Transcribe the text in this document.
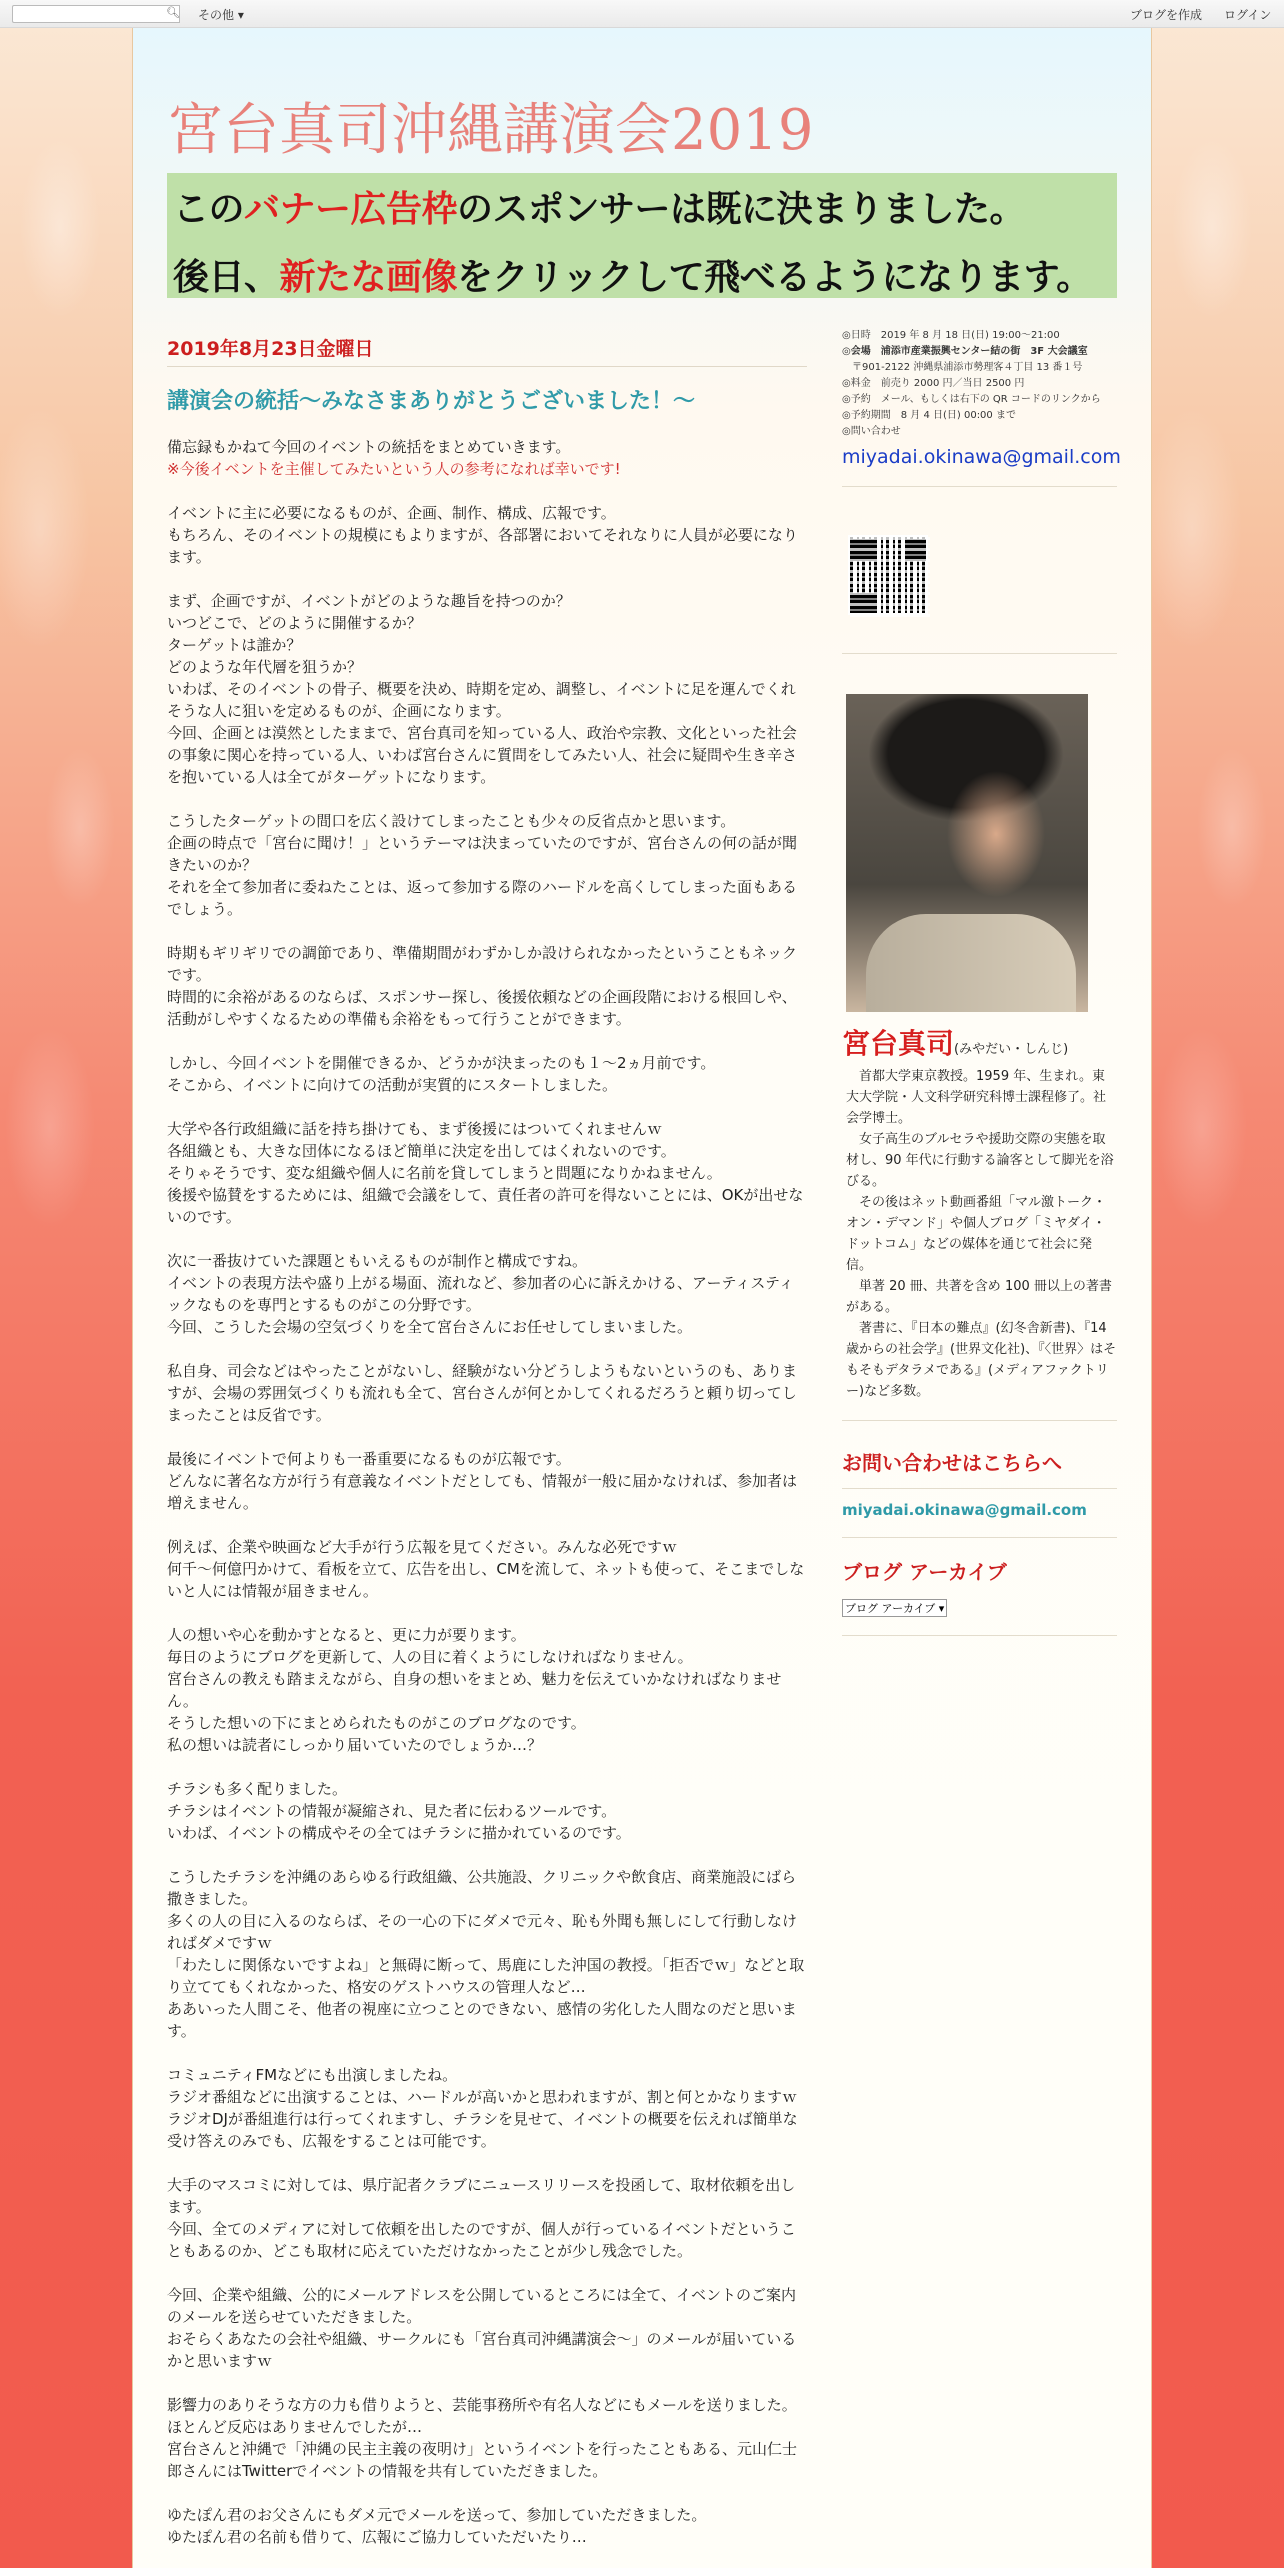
🔍︎ その他 ▾	ブログを作成 ログイン
宮台真司沖縄講演会2019
このバナー広告枠のスポンサーは既に決まりました。
後日、新たな画像をクリックして飛べるようになります。
2019年8月23日金曜日
講演会の統括～みなさまありがとうございました！～

備忘録もかねて今回のイベントの統括をまとめていきます。

※今後イベントを主催してみたいという人の参考になれば幸いです!

イベントに主に必要になるものが、企画、制作、構成、広報です。

もちろん、そのイベントの規模にもよりますが、各部署においてそれなりに人員が必要になります。

まず、企画ですが、イベントがどのような趣旨を持つのか？

いつどこで、どのように開催するか？

ターゲットは誰か？

どのような年代層を狙うか？

いわば、そのイベントの骨子、概要を決め、時期を定め、調整し、イベントに足を運んでくれそうな人に狙いを定めるものが、企画になります。

今回、企画とは漠然としたままで、宮台真司を知っている人、政治や宗教、文化といった社会の事象に関心を持っている人、いわば宮台さんに質問をしてみたい人、社会に疑問や生き辛さを抱いている人は全てがターゲットになります。

こうしたターゲットの間口を広く設けてしまったことも少々の反省点かと思います。

企画の時点で「宮台に聞け！」というテーマは決まっていたのですが、宮台さんの何の話が聞きたいのか？

それを全て参加者に委ねたことは、返って参加する際のハードルを高くしてしまった面もあるでしょう。

時期もギリギリでの調節であり、準備期間がわずかしか設けられなかったということもネックです。

時間的に余裕があるのならば、スポンサー探し、後援依頼などの企画段階における根回しや、活動がしやすくなるための準備も余裕をもって行うことができます。

しかし、今回イベントを開催できるか、どうかが決まったのも１～2ヵ月前です。

そこから、イベントに向けての活動が実質的にスタートしました。

大学や各行政組織に話を持ち掛けても、まず後援にはついてくれませんｗ

各組織とも、大きな団体になるほど簡単に決定を出してはくれないのです。

そりゃそうです、変な組織や個人に名前を貸してしまうと問題になりかねません。

後援や協賛をするためには、組織で会議をして、責任者の許可を得ないことには、OKが出せないのです。

次に一番抜けていた課題ともいえるものが制作と構成ですね。

イベントの表現方法や盛り上がる場面、流れなど、参加者の心に訴えかける、アーティスティックなものを専門とするものがこの分野です。

今回、こうした会場の空気づくりを全て宮台さんにお任せしてしまいました。

私自身、司会などはやったことがないし、経験がない分どうしようもないというのも、ありますが、会場の雰囲気づくりも流れも全て、宮台さんが何とかしてくれるだろうと頼り切ってしまったことは反省です。

最後にイベントで何よりも一番重要になるものが広報です。

どんなに著名な方が行う有意義なイベントだとしても、情報が一般に届かなければ、参加者は増えません。

例えば、企業や映画など大手が行う広報を見てください。みんな必死ですｗ

何千～何億円かけて、看板を立て、広告を出し、CMを流して、ネットも使って、そこまでしないと人には情報が届きません。

人の想いや心を動かすとなると、更に力が要ります。

毎日のようにブログを更新して、人の目に着くようにしなければなりません。

宮台さんの教えも踏まえながら、自身の想いをまとめ、魅力を伝えていかなければなりません。

そうした想いの下にまとめられたものがこのブログなのです。

私の想いは読者にしっかり届いていたのでしょうか…？

チラシも多く配りました。

チラシはイベントの情報が凝縮され、見た者に伝わるツールです。

いわば、イベントの構成やその全てはチラシに描かれているのです。

こうしたチラシを沖縄のあらゆる行政組織、公共施設、クリニックや飲食店、商業施設にばら撒きました。

多くの人の目に入るのならば、その一心の下にダメで元々、恥も外聞も無しにして行動しなければダメですｗ

「わたしに関係ないですよね」と無碍に断って、馬鹿にした沖国の教授。「拒否でｗ」などと取り立ててもくれなかった、格安のゲストハウスの管理人など…

ああいった人間こそ、他者の視座に立つことのできない、感情の劣化した人間なのだと思います。

コミュニティFMなどにも出演しましたね。

ラジオ番組などに出演することは、ハードルが高いかと思われますが、割と何とかなりますｗ

ラジオDJが番組進行は行ってくれますし、チラシを見せて、イベントの概要を伝えれば簡単な受け答えのみでも、広報をすることは可能です。

大手のマスコミに対しては、県庁記者クラブにニュースリリースを投函して、取材依頼を出します。

今回、全てのメディアに対して依頼を出したのですが、個人が行っているイベントだということもあるのか、どこも取材に応えていただけなかったことが少し残念でした。

今回、企業や組織、公的にメールアドレスを公開しているところには全て、イベントのご案内のメールを送らせていただきました。

おそらくあなたの会社や組織、サークルにも「宮台真司沖縄講演会～」のメールが届いているかと思いますｗ

影響力のありそうな方の力も借りようと、芸能事務所や有名人などにもメールを送りました。ほとんど反応はありませんでしたが…

宮台さんと沖縄で「沖縄の民主主義の夜明け」というイベントを行ったこともある、元山仁士郎さんにはTwitterでイベントの情報を共有していただきました。

ゆたぽん君のお父さんにもダメ元でメールを送って、参加していただきました。

ゆたぽん君の名前も借りて、広報にご協力していただいたり…

◎日時　2019 年 8 月 18 日(日) 19:00～21:00
◎会場　浦添市産業振興センター結の街　3F 大会議室
　〒901-2122 沖縄県浦添市勢理客４丁目 13 番１号
◎料金　前売り 2000 円／当日 2500 円
◎予約　メール、もしくは右下の QR コードのリンクから
◎予約期間　8 月 4 日(日) 00:00 まで
◎問い合わせ
miyadai.okinawa@gmail.com
宮台真司(みやだい・しんじ)

首都大学東京教授。1959 年、生まれ。東大大学院・人文科学研究科博士課程修了。社会学博士。

女子高生のブルセラや援助交際の実態を取材し、90 年代に行動する論客として脚光を浴びる。

その後はネット動画番組「マル激トーク・オン・デマンド」や個人ブログ「ミヤダイ・ドットコム」などの媒体を通じて社会に発信。

単著 20 冊、共著を含め 100 冊以上の著書がある。

著書に、『日本の難点』(幻冬舎新書)、『14 歳からの社会学』(世界文化社)、『〈世界〉はそもそもデタラメである』(メディアファクトリー)など多数。

お問い合わせはこちらへ
miyadai.okinawa@gmail.com
ブログ アーカイブ
ブログ アーカイブ ▾
